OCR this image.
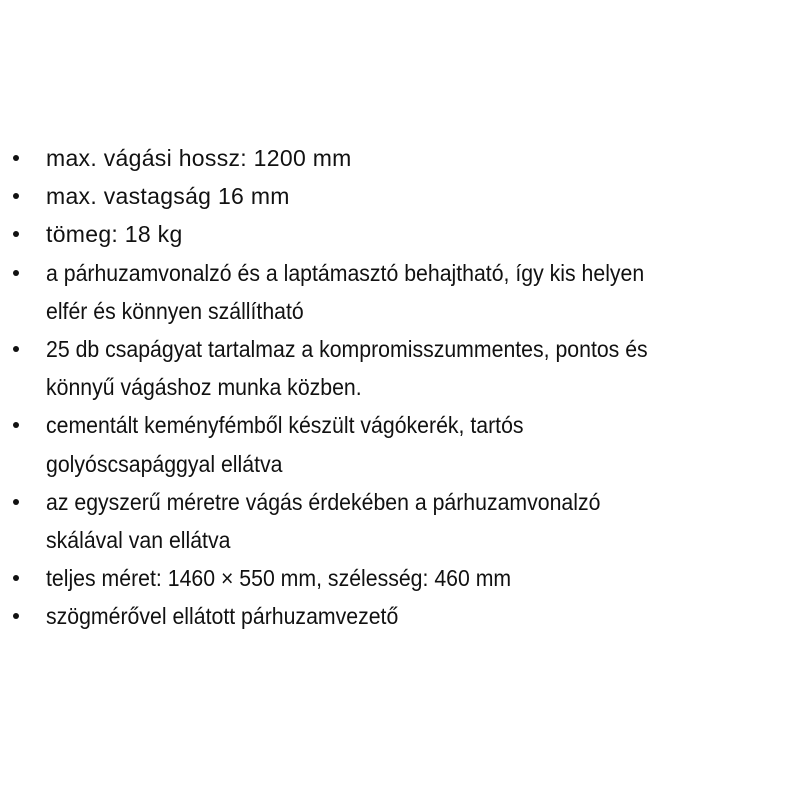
max. vágási hossz: 1200 mm
max. vastagság 16 mm
tömeg: 18 kg
a párhuzamvonalzó és a laptámasztó behajtható, így kis helyen
elfér és könnyen szállítható
25 db csapágyat tartalmaz a kompromisszummentes, pontos és
könnyű vágáshoz munka közben.
cementált keményfémből készült vágókerék, tartós
golyóscsapággyal ellátva
az egyszerű méretre vágás érdekében a párhuzamvonalzó
skálával van ellátva
teljes méret: 1460 × 550 mm, szélesség: 460 mm
szögmérővel ellátott párhuzamvezető
